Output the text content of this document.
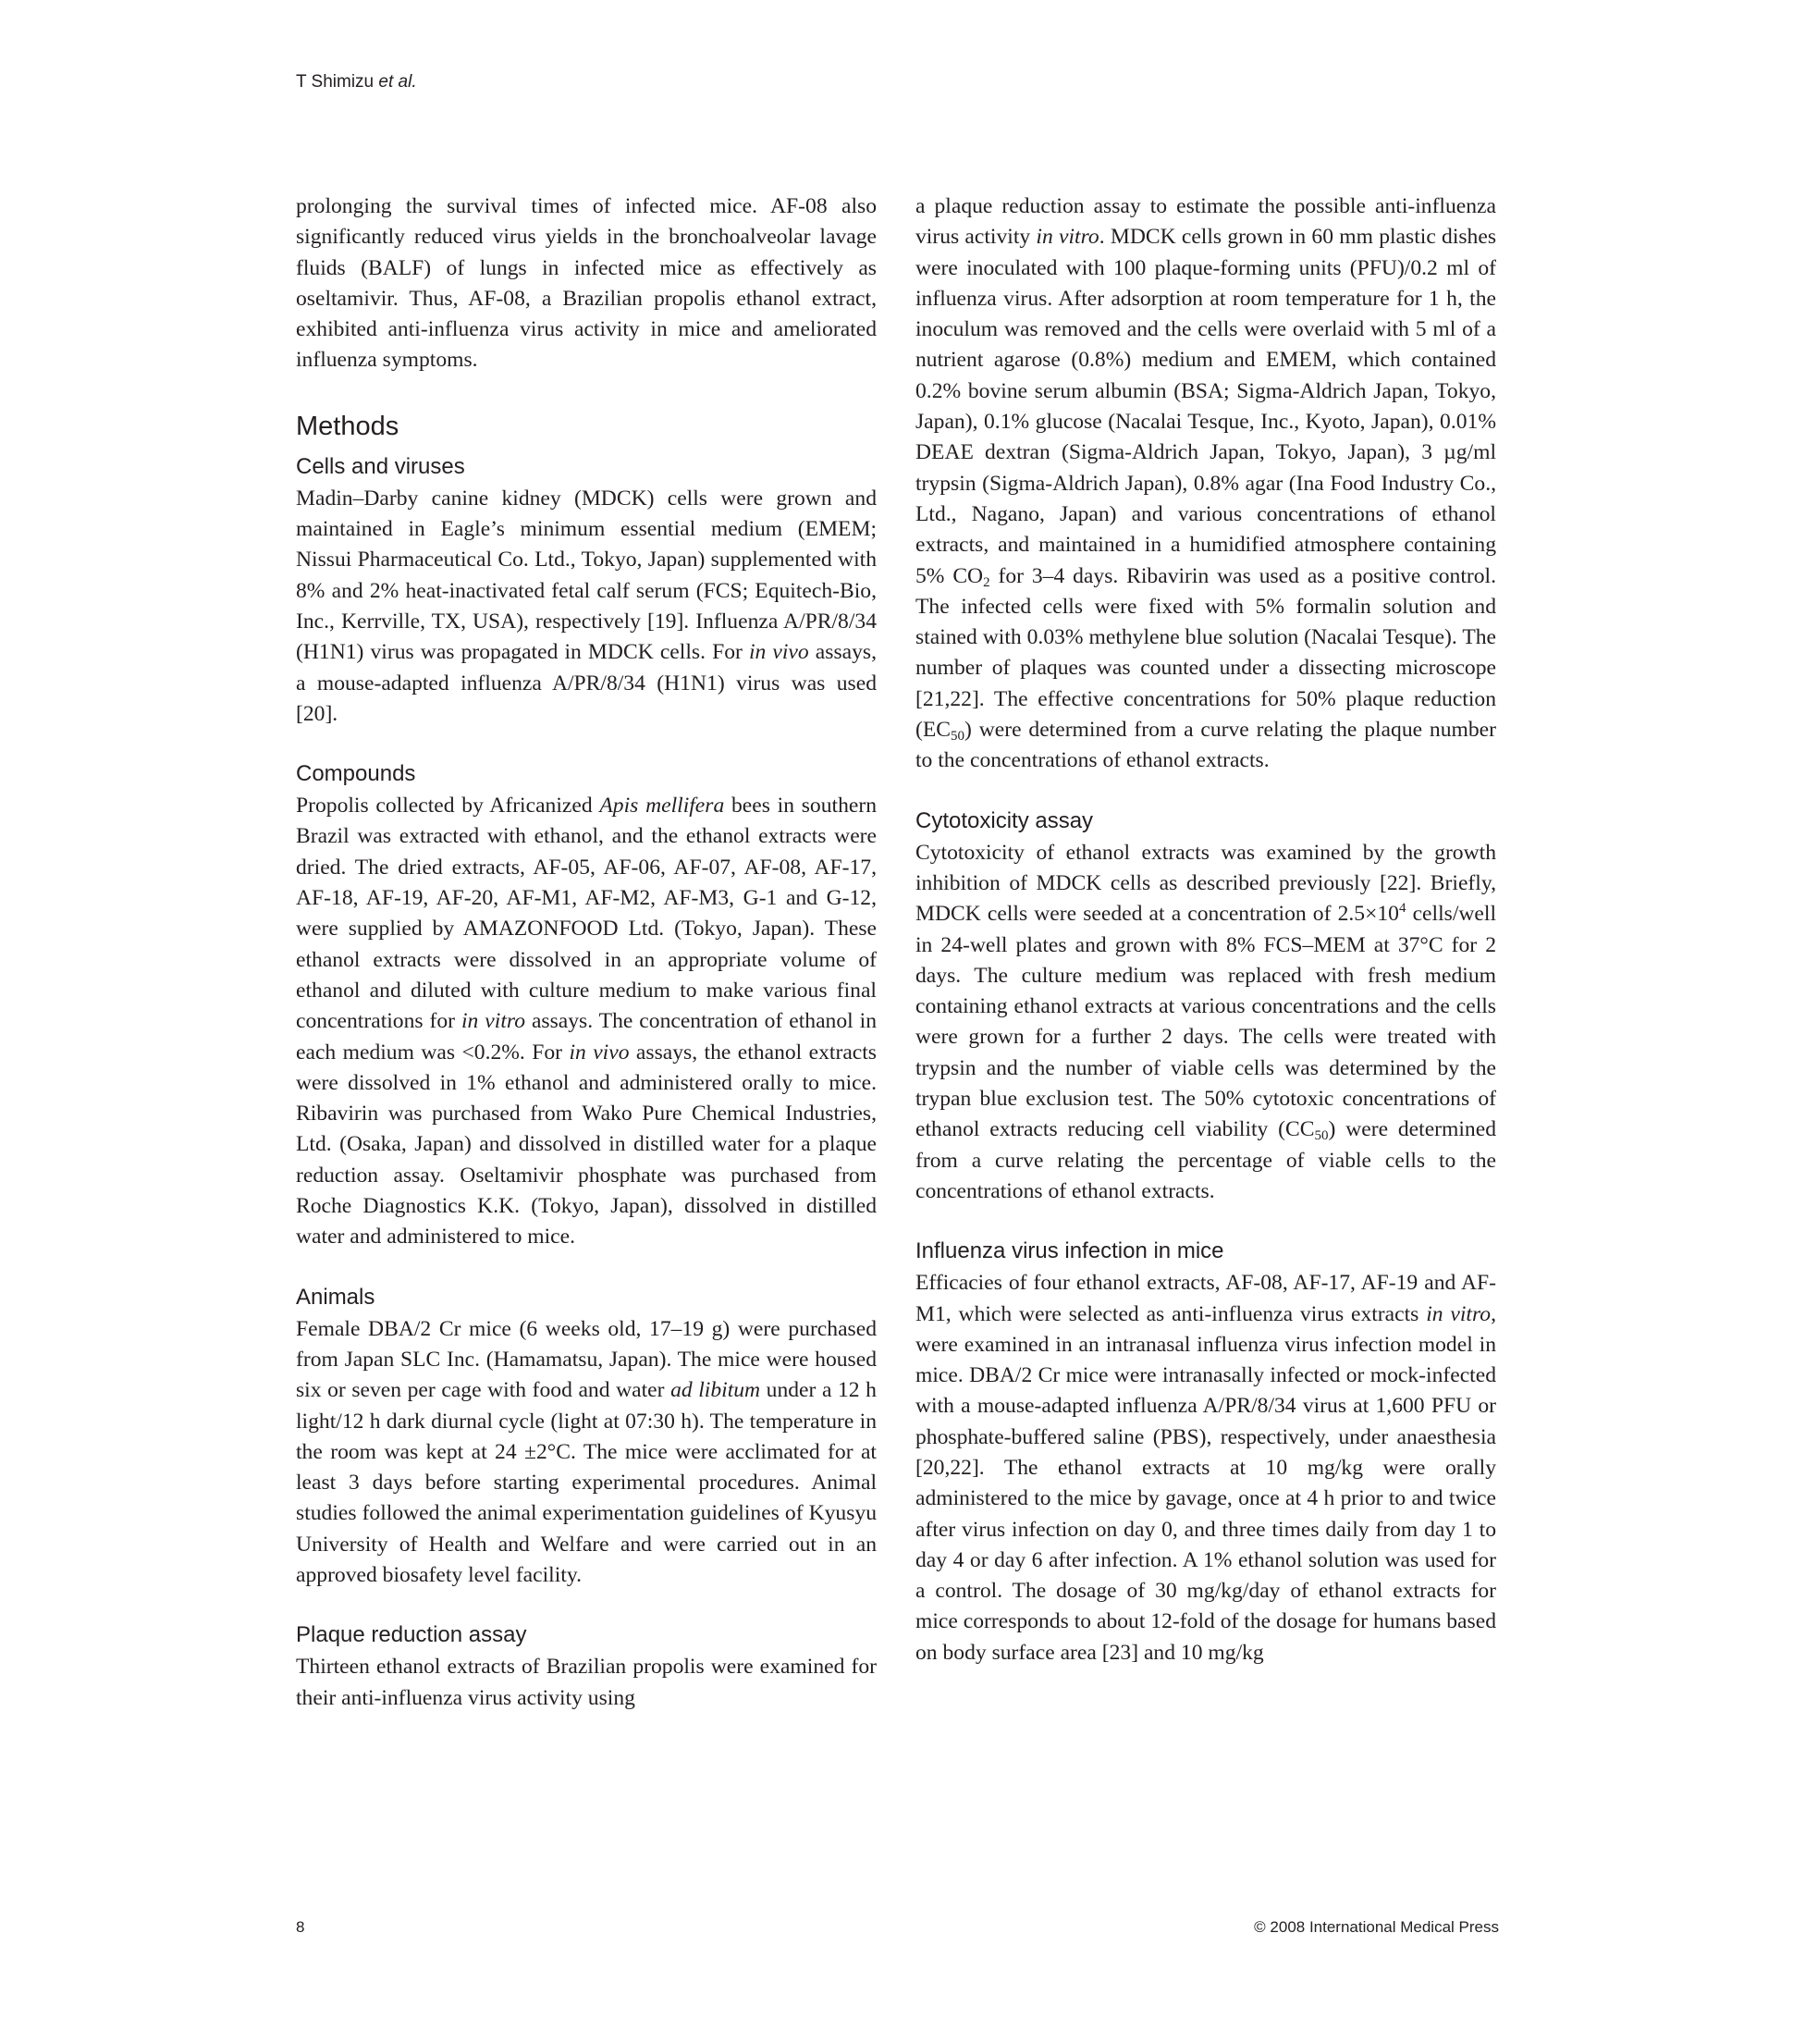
T Shimizu et al.

prolonging the survival times of infected mice. AF-08 also significantly reduced virus yields in the bronchoalveolar lavage fluids (BALF) of lungs in infected mice as effectively as oseltamivir. Thus, AF-08, a Brazilian propolis ethanol extract, exhibited anti-influenza virus activity in mice and ameliorated influenza symptoms.

Methods
Cells and viruses

Madin–Darby canine kidney (MDCK) cells were grown and maintained in Eagle’s minimum essential medium (EMEM; Nissui Pharmaceutical Co. Ltd., Tokyo, Japan) supplemented with 8% and 2% heat-inactivated fetal calf serum (FCS; Equitech-Bio, Inc., Kerrville, TX, USA), respectively [19]. Influenza A/PR/8/34 (H1N1) virus was propagated in MDCK cells. For in vivo assays, a mouse-adapted influenza A/PR/8/34 (H1N1) virus was used [20].

Compounds

Propolis collected by Africanized Apis mellifera bees in southern Brazil was extracted with ethanol, and the ethanol extracts were dried. The dried extracts, AF-05, AF-06, AF-07, AF-08, AF-17, AF-18, AF-19, AF-20, AF-M1, AF-M2, AF-M3, G-1 and G-12, were supplied by AMAZONFOOD Ltd. (Tokyo, Japan). These ethanol extracts were dissolved in an appropriate volume of ethanol and diluted with culture medium to make various final concentrations for in vitro assays. The concentration of ethanol in each medium was <0.2%. For in vivo assays, the ethanol extracts were dissolved in 1% ethanol and administered orally to mice. Ribavirin was purchased from Wako Pure Chemical Industries, Ltd. (Osaka, Japan) and dissolved in distilled water for a plaque reduction assay. Oseltamivir phosphate was purchased from Roche Diagnostics K.K. (Tokyo, Japan), dissolved in distilled water and administered to mice.

Animals

Female DBA/2 Cr mice (6 weeks old, 17–19 g) were purchased from Japan SLC Inc. (Hamamatsu, Japan). The mice were housed six or seven per cage with food and water ad libitum under a 12 h light/12 h dark diurnal cycle (light at 07:30 h). The temperature in the room was kept at 24 ±2°C. The mice were acclimated for at least 3 days before starting experimental procedures. Animal studies followed the animal experimentation guidelines of Kyusyu University of Health and Welfare and were carried out in an approved biosafety level facility.

Plaque reduction assay

Thirteen ethanol extracts of Brazilian propolis were examined for their anti-influenza virus activity using

a plaque reduction assay to estimate the possible anti-influenza virus activity in vitro. MDCK cells grown in 60 mm plastic dishes were inoculated with 100 plaque-forming units (PFU)/0.2 ml of influenza virus. After adsorption at room temperature for 1 h, the inoculum was removed and the cells were overlaid with 5 ml of a nutrient agarose (0.8%) medium and EMEM, which contained 0.2% bovine serum albumin (BSA; Sigma-Aldrich Japan, Tokyo, Japan), 0.1% glucose (Nacalai Tesque, Inc., Kyoto, Japan), 0.01% DEAE dextran (Sigma-Aldrich Japan, Tokyo, Japan), 3 µg/ml trypsin (Sigma-Aldrich Japan), 0.8% agar (Ina Food Industry Co., Ltd., Nagano, Japan) and various concentrations of ethanol extracts, and maintained in a humidified atmosphere containing 5% $CO_2$ for 3–4 days. Ribavirin was used as a positive control. The infected cells were fixed with 5% formalin solution and stained with 0.03% methylene blue solution (Nacalai Tesque). The number of plaques was counted under a dissecting microscope [21,22]. The effective concentrations for 50% plaque reduction $(EC_{50})$ were determined from a curve relating the plaque number to the concentrations of ethanol extracts.

Cytotoxicity assay

Cytotoxicity of ethanol extracts was examined by the growth inhibition of MDCK cells as described previously [22]. Briefly, MDCK cells were seeded at a concentration of $2.5\times 10^4$ cells/well in 24-well plates and grown with 8% FCS–MEM at 37°C for 2 days. The culture medium was replaced with fresh medium containing ethanol extracts at various concentrations and the cells were grown for a further 2 days. The cells were treated with trypsin and the number of viable cells was determined by the trypan blue exclusion test. The 50% cytotoxic concentrations of ethanol extracts reducing cell viability $(CC_{50})$ were determined from a curve relating the percentage of viable cells to the concentrations of ethanol extracts.

Influenza virus infection in mice

Efficacies of four ethanol extracts, AF-08, AF-17, AF-19 and AF-M1, which were selected as anti-influenza virus extracts in vitro, were examined in an intranasal influenza virus infection model in mice. DBA/2 Cr mice were intranasally infected or mock-infected with a mouse-adapted influenza A/PR/8/34 virus at 1,600 PFU or phosphate-buffered saline (PBS), respectively, under anaesthesia [20,22]. The ethanol extracts at 10 mg/kg were orally administered to the mice by gavage, once at 4 h prior to and twice after virus infection on day 0, and three times daily from day 1 to day 4 or day 6 after infection. A 1% ethanol solution was used for a control. The dosage of 30 mg/kg/day of ethanol extracts for mice corresponds to about 12-fold of the dosage for humans based on body surface area [23] and 10 mg/kg

8	© 2008 International Medical Press
